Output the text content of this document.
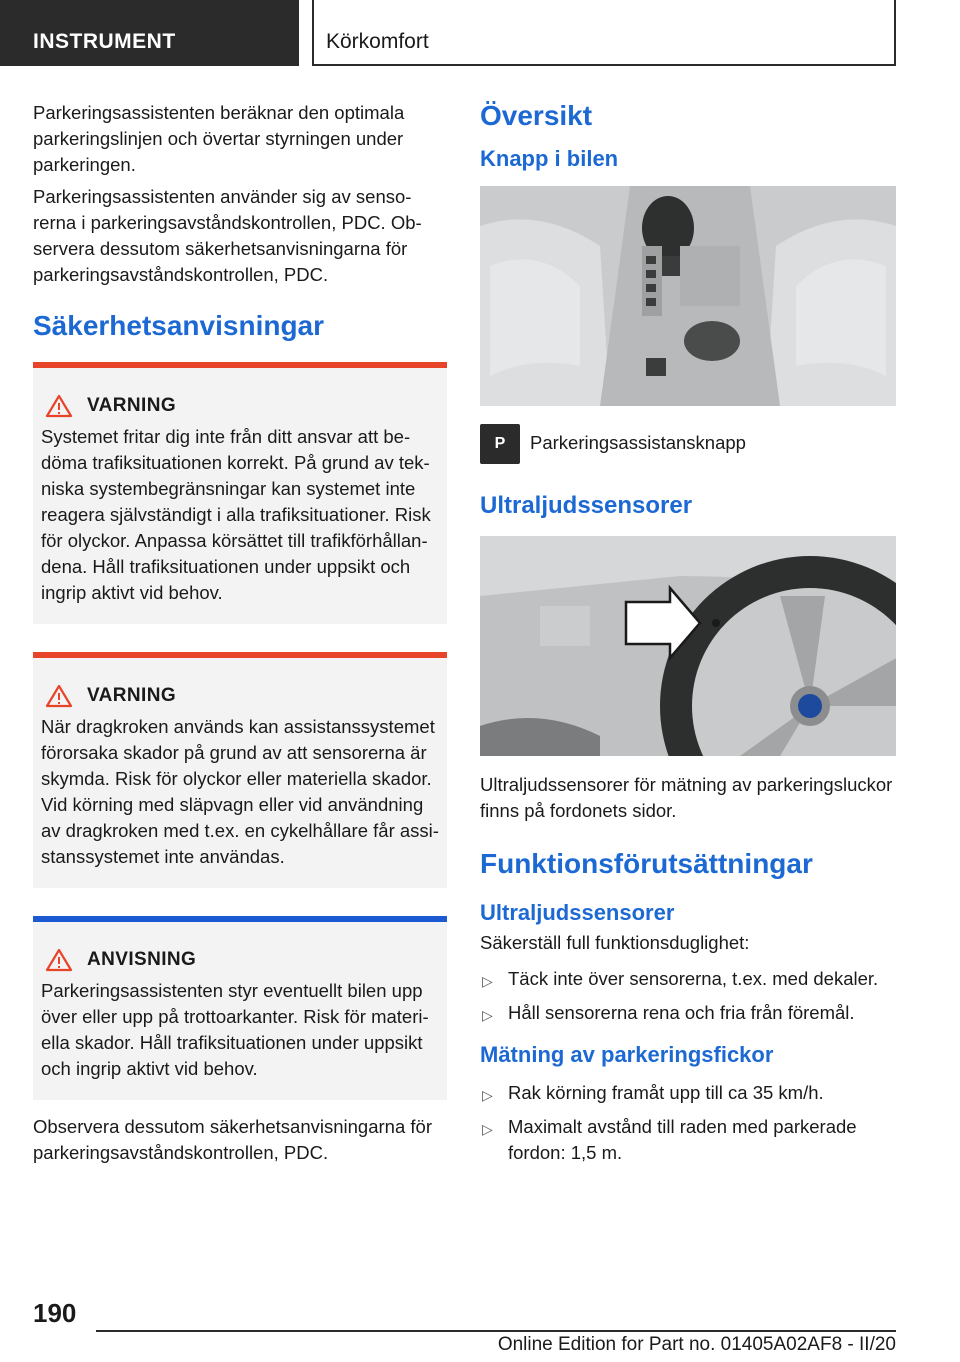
INSTRUMENT	Körkomfort

Parkeringsassistenten beräknar den optimala parkeringslinjen och övertar styrningen under parkeringen.

Parkeringsassistenten använder sig av sensorerna i parkeringsavståndskontrollen, PDC. Observera dessutom säkerhetsanvisningarna för parkeringsavståndskontrollen, PDC.

Säkerhetsanvisningar
VARNING
Systemet fritar dig inte från ditt ansvar att bedöma trafiksituationen korrekt. På grund av tekniska systembegränsningar kan systemet inte reagera självständigt i alla trafiksituationer. Risk för olyckor. Anpassa körsättet till trafikförhållandena. Håll trafiksituationen under uppsikt och ingrip aktivt vid behov.
VARNING
När dragkroken används kan assistanssystemet förorsaka skador på grund av att sensorerna är skymda. Risk för olyckor eller materiella skador. Vid körning med släpvagn eller vid användning av dragkroken med t.ex. en cykelhållare får assistanssystemet inte användas.
ANVISNING
Parkeringsassistenten styr eventuellt bilen upp över eller upp på trottoarkanter. Risk för materiella skador. Håll trafiksituationen under uppsikt och ingrip aktivt vid behov.

Observera dessutom säkerhetsanvisningarna för parkeringsavståndskontrollen, PDC.

Översikt
Knapp i bilen
P	Parkeringsassistansknapp
Ultraljudssensorer

Ultraljudssensorer för mätning av parkeringsluckor finns på fordonets sidor.

Funktionsförutsättningar
Ultraljudssensorer

Säkerställ full funktionsduglighet:

▷ Täck inte över sensorerna, t.ex. med dekaler.
▷ Håll sensorerna rena och fria från föremål.
Mätning av parkeringsfickor
▷ Rak körning framåt upp till ca 35 km/h.
▷ Maximalt avstånd till raden med parkerade fordon: 1,5 m.
190
Online Edition for Part no. 01405A02AF8 - II/20
